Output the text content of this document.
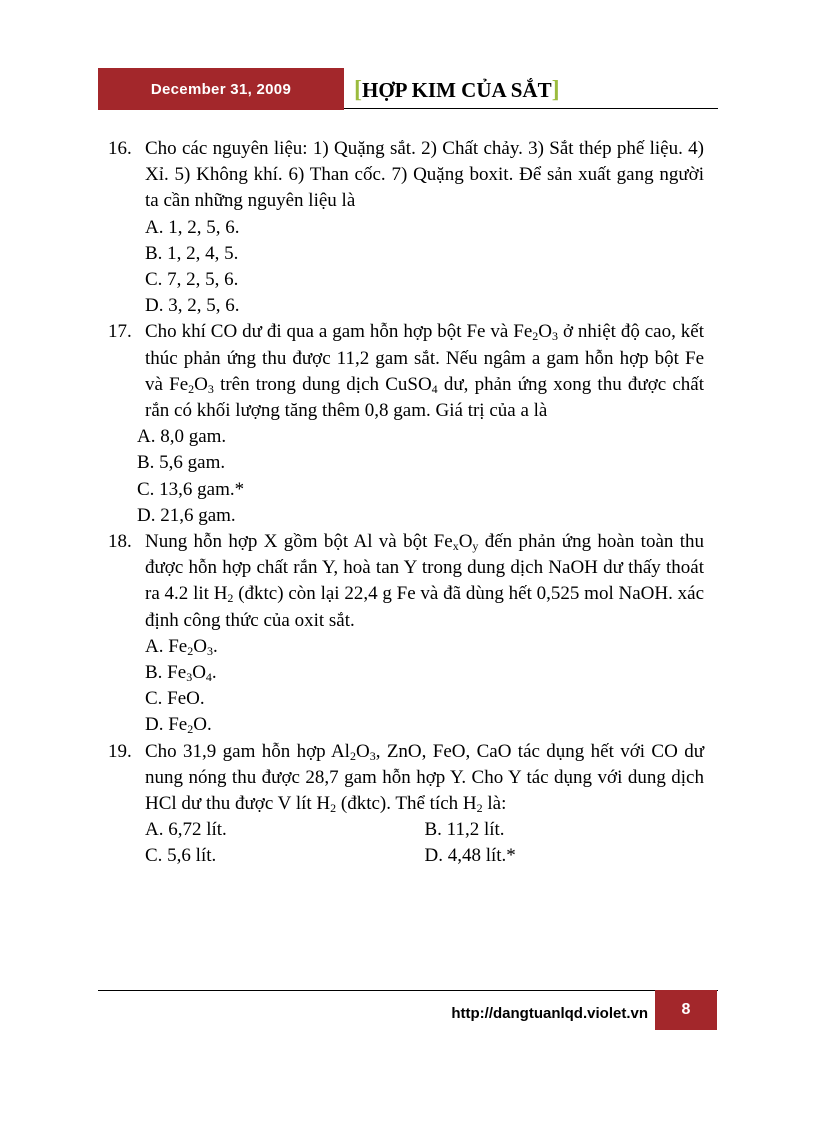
December 31, 2009	[ HỢP KIM CỦA SẮT ]
16. Cho các nguyên liệu: 1) Quặng sắt. 2) Chất chảy. 3) Sắt thép phế liệu. 4) Xỉ. 5) Không khí. 6) Than cốc. 7) Quặng boxit. Để sản xuất gang người ta cần những nguyên liệu là
A. 1, 2, 5, 6.
B. 1, 2, 4, 5.
C. 7, 2, 5, 6.
D. 3, 2, 5, 6.
17. Cho khí CO dư đi qua a gam hỗn hợp bột Fe và $Fe_2O_3$ ở nhiệt độ cao, kết thúc phản ứng thu được 11,2 gam sắt. Nếu ngâm a gam hỗn hợp bột Fe và $Fe_2O_3$ trên trong dung dịch CuSO$_4$ dư, phản ứng xong thu được chất rắn có khối lượng tăng thêm 0,8 gam. Giá trị của a là
A. 8,0 gam.
B. 5,6 gam.
C. 13,6 gam.*
D. 21,6 gam.
18. Nung hỗn hợp X gồm bột Al và bột $Fe_xO_y$ đến phản ứng hoàn toàn thu được hỗn hợp chất rắn Y, hoà tan Y trong dung dịch NaOH dư thấy thoát ra 4.2 lit $H_2$ (đktc) còn lại 22,4 g Fe và đã dùng hết 0,525 mol NaOH. xác định công thức của oxit sắt.
A. $Fe_2O_3$.
B. $Fe_3O_4$.
C. FeO.
D. $Fe_2O$.
19. Cho 31,9 gam hỗn hợp $Al_2O_3$, ZnO, FeO, CaO tác dụng hết với CO dư nung nóng thu được 28,7 gam hỗn hợp Y. Cho Y tác dụng với dung dịch HCl dư thu được V lít $H_2$ (đktc). Thể tích $H_2$ là:
A. 6,72 lít.	B. 11,2 lít.
C. 5,6 lít.	D. 4,48 lít.*
http://dangtuanlqd.violet.vn	8
